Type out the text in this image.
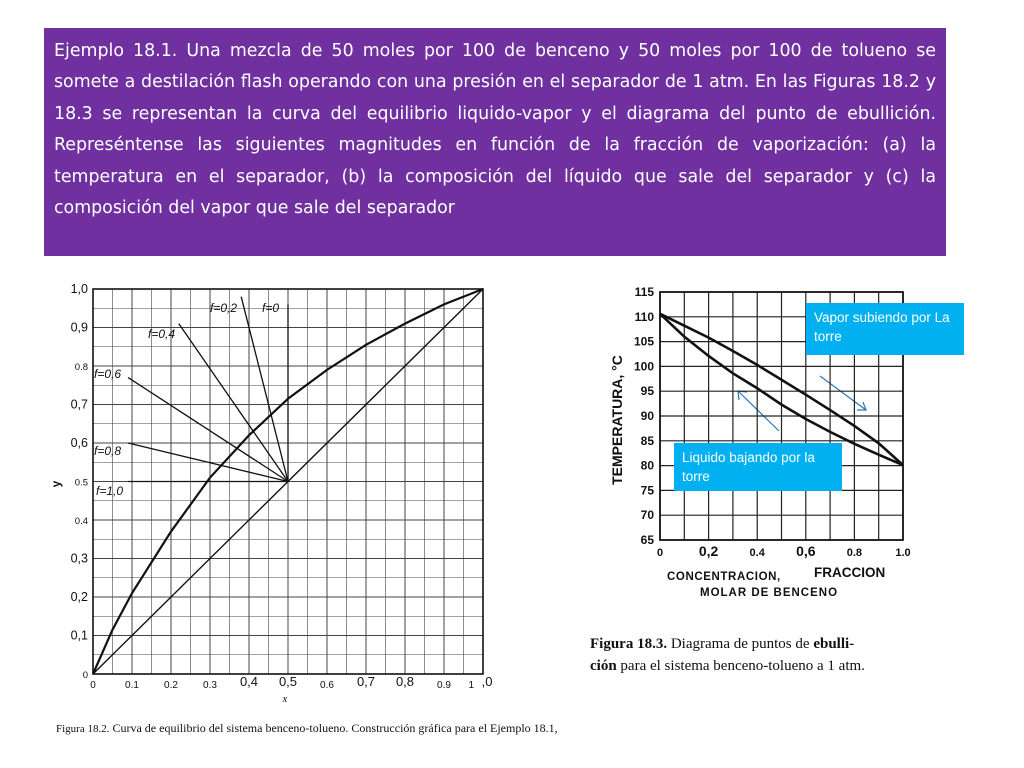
Ejemplo 18.1. Una mezcla de 50 moles por 100 de benceno y 50 moles por 100 de tolueno se somete a destilación flash operando con una presión en el separador de 1 atm. En las Figuras 18.2 y 18.3 se representan la curva del equilibrio liquido-vapor y el diagrama del punto de ebullición. Represéntense las siguientes magnitudes en función de la fracción de vaporización: (a) la temperatura en el separador, (b) la composición del líquido que sale del separador y (c) la composición del vapor que sale del separador
f=0
f=0,2
f=0,4
f=0,6
f=0,8
f=1,0
0	0.1	0.2	0.3 0,4 0,5 0.6 0,7 0,8 0.9 1 ,0
0
0,1
0,2
0,3
0.4
0.5
0,6
0,7
0.8
0,9
1,0
x
y
65
70
75
80
85
90
95
100
105
110
115
0	0,2	0.4 0,6	0.8	1.0
TEMPERATURA, °C
CONCENTRACION, FRACCION
MOLAR DE BENCENO
Vapor subiendo por La torre
Liquido bajando por la torre
Figura 18.2. Curva de equilibrio del sistema benceno-tolueno. Construcción gráfica para el Ejemplo 18.1,
Figura 18.3. Diagrama de puntos de ebulli-
ción para el sistema benceno-tolueno a 1 atm.
